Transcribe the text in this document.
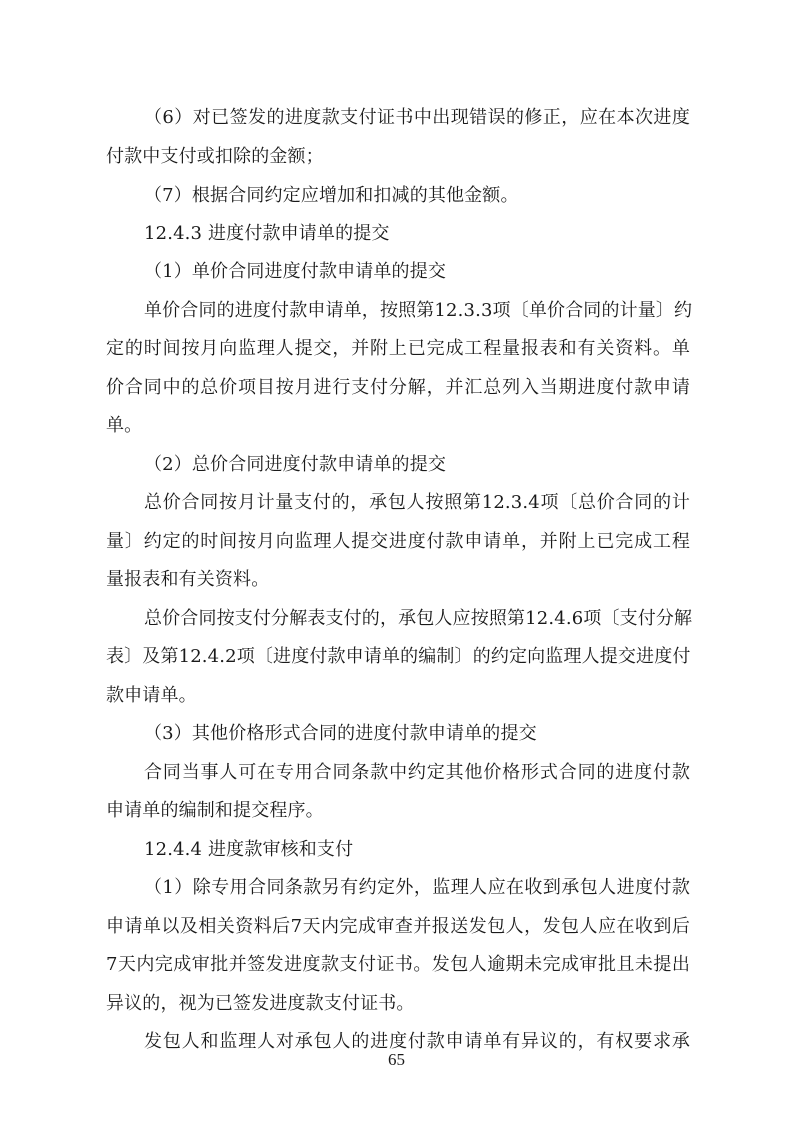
（6）对已签发的进度款支付证书中出现错误的修正，应在本次进度
付款中支付或扣除的金额；
（7）根据合同约定应增加和扣减的其他金额。
12.4.3 进度付款申请单的提交
（1）单价合同进度付款申请单的提交
单价合同的进度付款申请单，按照第12.3.3项〔单价合同的计量〕约
定的时间按月向监理人提交，并附上已完成工程量报表和有关资料。单
价合同中的总价项目按月进行支付分解，并汇总列入当期进度付款申请
单。
（2）总价合同进度付款申请单的提交
总价合同按月计量支付的，承包人按照第12.3.4项〔总价合同的计
量〕约定的时间按月向监理人提交进度付款申请单，并附上已完成工程
量报表和有关资料。
总价合同按支付分解表支付的，承包人应按照第12.4.6项〔支付分解
表〕及第12.4.2项〔进度付款申请单的编制〕的约定向监理人提交进度付
款申请单。
（3）其他价格形式合同的进度付款申请单的提交
合同当事人可在专用合同条款中约定其他价格形式合同的进度付款
申请单的编制和提交程序。
12.4.4 进度款审核和支付
（1）除专用合同条款另有约定外，监理人应在收到承包人进度付款
申请单以及相关资料后7天内完成审查并报送发包人，发包人应在收到后
7天内完成审批并签发进度款支付证书。发包人逾期未完成审批且未提出
异议的，视为已签发进度款支付证书。
发包人和监理人对承包人的进度付款申请单有异议的，有权要求承
65
